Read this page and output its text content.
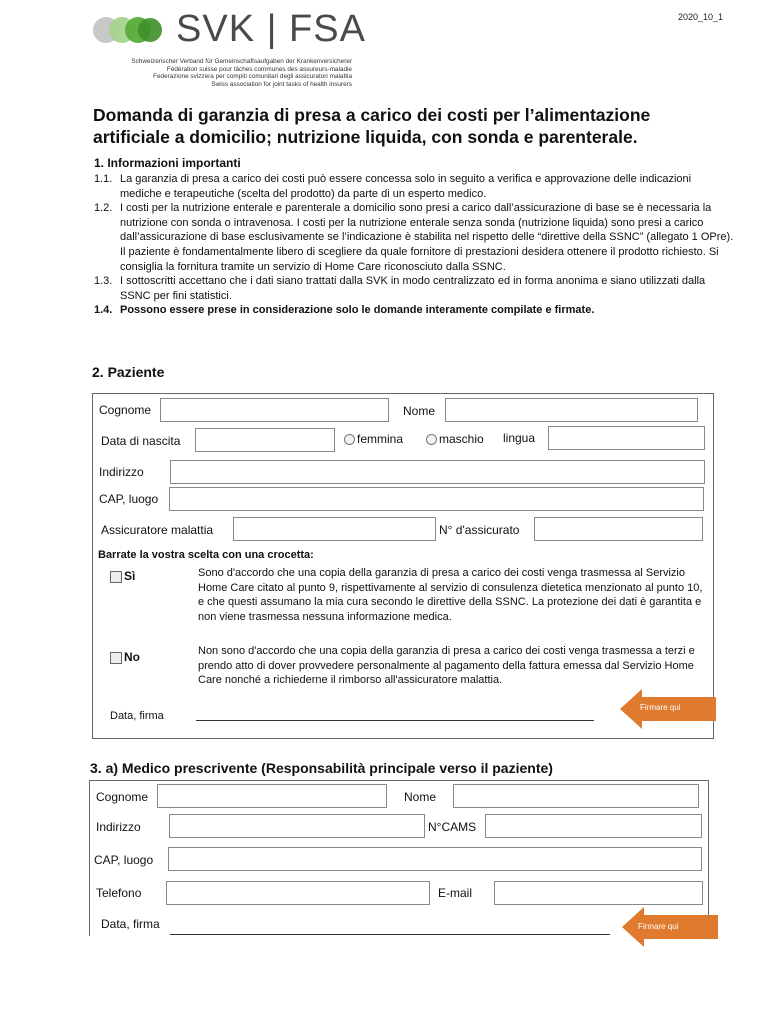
2020_10_1
SVK | FSA
Schweizerischer Verband für Gemeinschaftsaufgaben der Krankenversicherer
Fédération suisse pour tâches communes des assureurs-maladie
Federazione svizzera per compiti comunitari degli assicuratori malattia
Swiss association for joint tasks of health insurers
Domanda di garanzia di presa a carico dei costi per l’alimentazione artificiale a domicilio; nutrizione liquida, con sonda e parenterale.
1. Informazioni importanti
1.1. La garanzia di presa a carico dei costi può essere concessa solo in seguito a verifica e approvazione delle indicazioni mediche e terapeutiche (scelta del prodotto) da parte di un esperto medico.
1.2. I costi per la nutrizione enterale e parenterale a domicilio sono presi a carico dall’assicurazione di base se è necessaria la nutrizione con sonda o intravenosa. I costi per la nutrizione enterale senza sonda (nutrizione liquida) sono presi a carico dall’assicurazione di base esclusivamente se l’indicazione è stabilita nel rispetto delle “direttive della SSNC” (allegato 1 OPre). Il paziente è fondamentalmente libero di scegliere da quale fornitore di prestazioni desidera ottenere il prodotto richiesto. Si consiglia la fornitura tramite un servizio di Home Care riconosciuto dalla SSNC.
1.3. I sottoscritti accettano che i dati siano trattati dalla SVK in modo centralizzato ed in forma anonima e siano utilizzati dalla SSNC per fini statistici.
1.4. Possono essere prese in considerazione solo le domande interamente compilate e firmate.
2. Paziente
Cognome	Nome
Data di nascita	femmina	maschio lingua
Indirizzo
CAP, luogo
Assicuratore malattia	N° d'assicurato
Barrate la vostra scelta con una crocetta:
Sì	Sono d'accordo che una copia della garanzia di presa a carico dei costi venga trasmessa al Servizio Home Care citato al punto 9, rispettivamente al servizio di consulenza dietetica menzionato al punto 10, e che questi assumano la mia cura secondo le direttive della SSNC. La protezione dei dati è garantita e non viene trasmessa nessuna informazione medica.
No	Non sono d'accordo che una copia della garanzia di presa a carico dei costi venga trasmessa a terzi e prendo atto di dover provvedere personalmente al pagamento della fattura emessa dal Servizio Home Care nonché a richiederne il rimborso all'assicuratore malattia.
Data, firma
Firmare qui
3. a) Medico prescrivente (Responsabilità principale verso il paziente)
Cognome	Nome
Indirizzo	N°CAMS
CAP, luogo
Telefono	E-mail
Data, firma	Firmare qui
